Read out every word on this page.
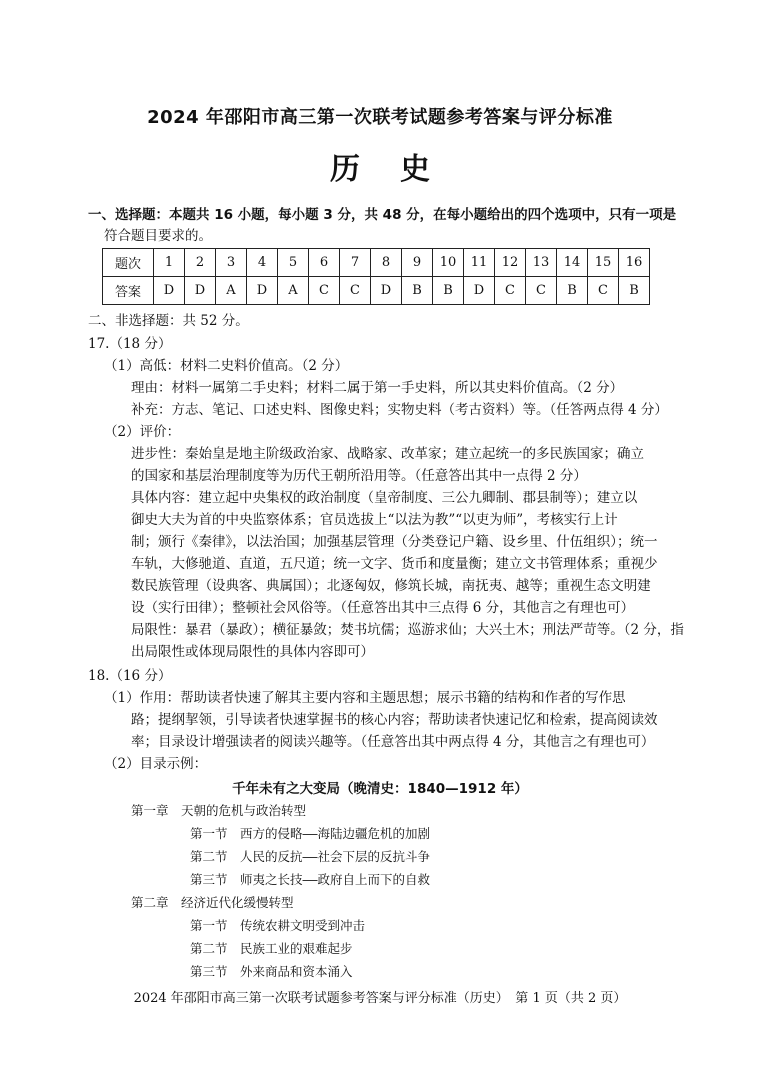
2024 年邵阳市高三第一次联考试题参考答案与评分标准
历史
一、选择题：本题共 16 小题，每小题 3 分，共 48 分，在每小题给出的四个选项中，只有一项是
题次	1	2	3	4	5	6	7	8	9	10	11	12	13	14	15	16
答案	D	D	A	D	A	C	C	D	B	B	D	C	C	B	C	B
二、非选择题：共 52 分。
17.（18 分）
（1）高低：材料二史料价值高。（2 分）
理由：材料一属第二手史料；材料二属于第一手史料，所以其史料价值高。（2 分）
补充：方志、笔记、口述史料、图像史料；实物史料（考古资料）等。（任答两点得 4 分）
（2）评价：
进步性：秦始皇是地主阶级政治家、战略家、改革家；建立起统一的多民族国家；确立
的国家和基层治理制度等为历代王朝所沿用等。（任意答出其中一点得 2 分）
具体内容：建立起中央集权的政治制度（皇帝制度、三公九卿制、郡县制等）；建立以
御史大夫为首的中央监察体系；官员选拔上“以法为教”“以吏为师”，考核实行上计
制；颁行《秦律》，以法治国；加强基层管理（分类登记户籍、设乡里、什伍组织）；统一
车轨，大修驰道、直道，五尺道；统一文字、货币和度量衡；建立文书管理体系；重视少
数民族管理（设典客、典属国）；北逐匈奴，修筑长城，南抚夷、越等；重视生态文明建
设（实行田律）；整顿社会风俗等。（任意答出其中三点得 6 分，其他言之有理也可）
局限性：暴君（暴政）；横征暴敛；焚书坑儒；巡游求仙；大兴土木；刑法严苛等。（2 分，指
出局限性或体现局限性的具体内容即可）
18.（16 分）
（1）作用：帮助读者快速了解其主要内容和主题思想；展示书籍的结构和作者的写作思
路；提纲挈领，引导读者快速掌握书的核心内容；帮助读者快速记忆和检索，提高阅读效
率；目录设计增强读者的阅读兴趣等。（任意答出其中两点得 4 分，其他言之有理也可）
（2）目录示例：
千年未有之大变局（晚清史：1840—1912 年）
第一章　天朝的危机与政治转型
第一节　西方的侵略——海陆边疆危机的加剧
第二节　人民的反抗——社会下层的反抗斗争
第三节　师夷之长技——政府自上而下的自救
第二章　经济近代化缓慢转型
第一节　传统农耕文明受到冲击
第二节　民族工业的艰难起步
第三节　外来商品和资本涌入
2024 年邵阳市高三第一次联考试题参考答案与评分标准（历史）　第 1 页（共 2 页）
符合题目要求的。
